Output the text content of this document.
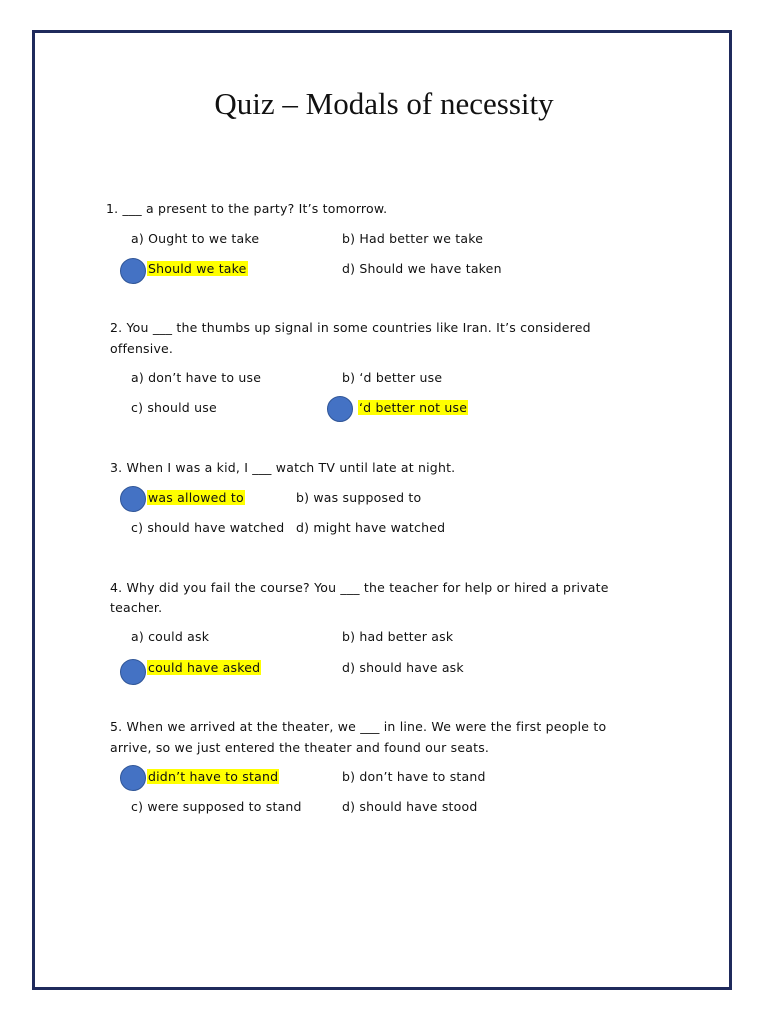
Quiz – Modals of necessity
1. ___ a present to the party? It’s tomorrow.
a) Ought to we take	b) Had better we take
Should we take	d) Should we have taken
2. You ___ the thumbs up signal in some countries like Iran. It’s considered
offensive.
a) don’t have to use	b) ‘d better use
c) should use	‘d better not use
3. When I was a kid, I ___ watch TV until late at night.
was allowed to	b) was supposed to
c) should have watched d) might have watched
4. Why did you fail the course? You ___ the teacher for help or hired a private
teacher.
a) could ask	b) had better ask
could have asked	d) should have ask
5. When we arrived at the theater, we ___ in line. We were the first people to
arrive, so we just entered the theater and found our seats.
didn’t have to stand	b) don’t have to stand
c) were supposed to stand	d) should have stood
